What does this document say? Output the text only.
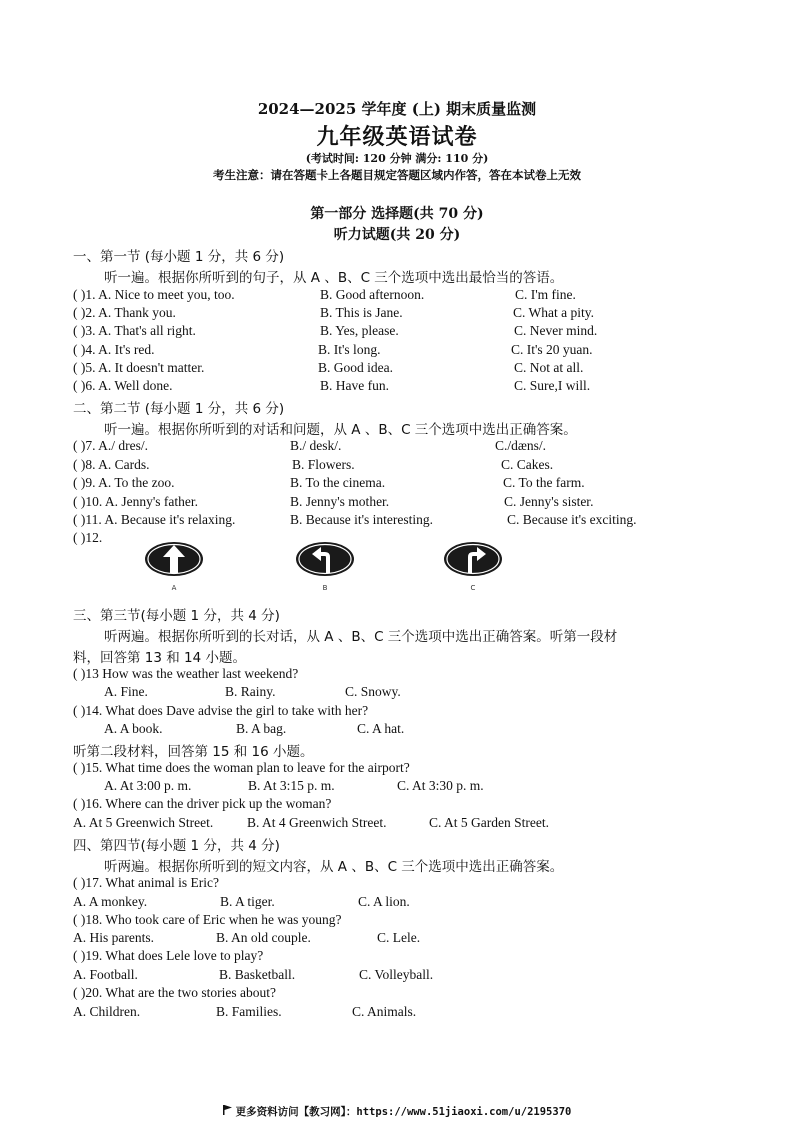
2024—2025 学年度 (上) 期末质量监测
九年级英语试卷
(考试时间: 120 分钟 满分: 110 分)
考生注意：请在答题卡上各题目规定答题区域内作答，答在本试卷上无效
第一部分 选择题(共 70 分)
听力试题(共 20 分)
一、第一节 (每小题 1 分，共 6 分)
听一遍。根据你所听到的句子，从 A 、B、C 三个选项中选出最恰当的答语。
( )1. A. Nice to meet you, too.	B. Good afternoon.	C. I'm fine.
( )2. A. Thank you.	B. This is Jane.	C. What a pity.
( )3. A. That's all right.	B. Yes, please.	C. Never mind.
( )4. A. It's red.	B. It's long.	C. It's 20 yuan.
( )5. A. It doesn't matter.	B. Good idea.	C. Not at all.
( )6. A. Well done.	B. Have fun.	C. Sure,I will.
二、第二节 (每小题 1 分，共 6 分)
听一遍。根据你所听到的对话和问题，从 A 、B、C 三个选项中选出正确答案。
( )7. A./ dres/.	B./ desk/.	C./dæns/.
( )8. A. Cards.	B. Flowers.	C. Cakes.
( )9. A. To the zoo.	B. To the cinema.	C. To the farm.
( )10. A. Jenny's father.	B. Jenny's mother.	C. Jenny's sister.
( )11. A. Because it's relaxing.	B. Because it's interesting.	C. Because it's exciting.
( )12.
A	B	C
三、第三节(每小题 1 分，共 4 分)
听两遍。根据你所听到的长对话，从 A 、B、C 三个选项中选出正确答案。听第一段材
料，回答第 13 和 14 小题。
( )13 How was the weather last weekend?
A. Fine.	B. Rainy.	C. Snowy.
( )14. What does Dave advise the girl to take with her?
A. A book.	B. A bag.	C. A hat.
听第二段材料，回答第 15 和 16 小题。
( )15. What time does the woman plan to leave for the airport?
A. At 3:00 p. m.	B. At 3:15 p. m.	C. At 3:30 p. m.
( )16. Where can the driver pick up the woman?
A. At 5 Greenwich Street.	B. At 4 Greenwich Street.	C. At 5 Garden Street.
四、第四节(每小题 1 分，共 4 分)
听两遍。根据你所听到的短文内容，从 A 、B、C 三个选项中选出正确答案。
( )17. What animal is Eric?
A. A monkey.	B. A tiger.	C. A lion.
( )18. Who took care of Eric when he was young?
A. His parents.	B. An old couple.	C. Lele.
( )19. What does Lele love to play?
A. Football.	B. Basketball.	C. Volleyball.
( )20. What are the two stories about?
A. Children.	B. Families.	C. Animals.
更多资料访问【教习网】：https://www.51jiaoxi.com/u/2195370
